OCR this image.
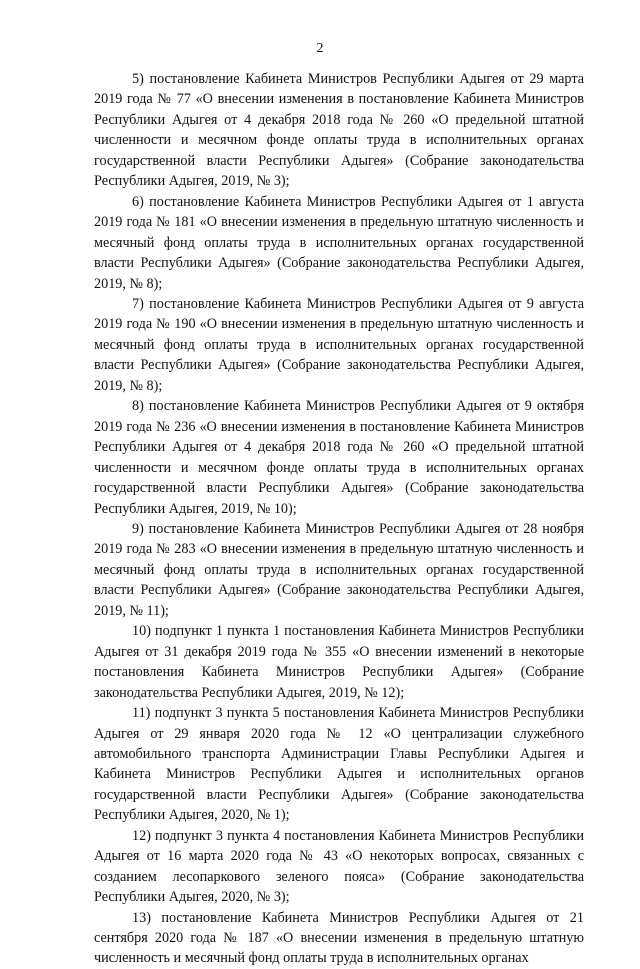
2

5) постановление Кабинета Министров Республики Адыгея от 29 марта 2019 года № 77 «О внесении изменения в постановление Кабинета Министров Республики Адыгея от 4 декабря 2018 года № 260 «О предельной штатной численности и месячном фонде оплаты труда в исполнительных органах государственной власти Республики Адыгея» (Собрание законодательства Республики Адыгея, 2019, № 3);

6) постановление Кабинета Министров Республики Адыгея от 1 августа 2019 года № 181 «О внесении изменения в предельную штатную численность и месячный фонд оплаты труда в исполнительных органах государственной власти Республики Адыгея» (Собрание законодательства Республики Адыгея, 2019, № 8);

7) постановление Кабинета Министров Республики Адыгея от 9 августа 2019 года № 190 «О внесении изменения в предельную штатную численность и месячный фонд оплаты труда в исполнительных органах государственной власти Республики Адыгея» (Собрание законодательства Республики Адыгея, 2019, № 8);

8) постановление Кабинета Министров Республики Адыгея от 9 октября 2019 года № 236 «О внесении изменения в постановление Кабинета Министров Республики Адыгея от 4 декабря 2018 года № 260 «О предельной штатной численности и месячном фонде оплаты труда в исполнительных органах государственной власти Республики Адыгея» (Собрание законодательства Республики Адыгея, 2019, № 10);

9) постановление Кабинета Министров Республики Адыгея от 28 ноября 2019 года № 283 «О внесении изменения в предельную штатную численность и месячный фонд оплаты труда в исполнительных органах государственной власти Республики Адыгея» (Собрание законодательства Республики Адыгея, 2019, № 11);

10) подпункт 1 пункта 1 постановления Кабинета Министров Республики Адыгея от 31 декабря 2019 года № 355 «О внесении изменений в некоторые постановления Кабинета Министров Республики Адыгея» (Собрание законодательства Республики Адыгея, 2019, № 12);

11) подпункт 3 пункта 5 постановления Кабинета Министров Республики Адыгея от 29 января 2020 года № 12 «О централизации служебного автомобильного транспорта Администрации Главы Республики Адыгея и Кабинета Министров Республики Адыгея и исполнительных органов государственной власти Республики Адыгея» (Собрание законодательства Республики Адыгея, 2020, № 1);

12) подпункт 3 пункта 4 постановления Кабинета Министров Республики Адыгея от 16 марта 2020 года № 43 «О некоторых вопросах, связанных с созданием лесопаркового зеленого пояса» (Собрание законодательства Республики Адыгея, 2020, № 3);

13) постановление Кабинета Министров Республики Адыгея от 21 сентября 2020 года № 187 «О внесении изменения в предельную штатную численность и месячный фонд оплаты труда в исполнительных органах
